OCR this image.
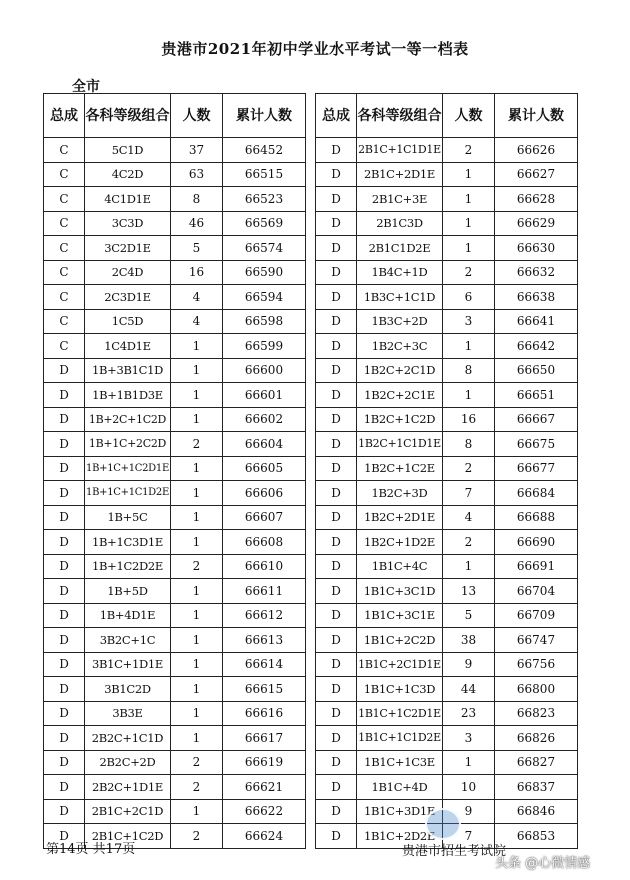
贵港市2021年初中学业水平考试一等一档表
全市
总成	各科等级组合	人数	累计人数
C	5C1D	37	66452
C	4C2D	63	66515
C	4C1D1E	8	66523
C	3C3D	46	66569
C	3C2D1E	5	66574
C	2C4D	16	66590
C	2C3D1E	4	66594
C	1C5D	4	66598
C	1C4D1E	1	66599
D	1B+3B1C1D	1	66600
D	1B+1B1D3E	1	66601
D	1B+2C+1C2D	1	66602
D	1B+1C+2C2D	2	66604
D	1B+1C+1C2D1E	1	66605
D	1B+1C+1C1D2E	1	66606
D	1B+5C	1	66607
D	1B+1C3D1E	1	66608
D	1B+1C2D2E	2	66610
D	1B+5D	1	66611
D	1B+4D1E	1	66612
D	3B2C+1C	1	66613
D	3B1C+1D1E	1	66614
D	3B1C2D	1	66615
D	3B3E	1	66616
D	2B2C+1C1D	1	66617
D	2B2C+2D	2	66619
D	2B2C+1D1E	2	66621
D	2B1C+2C1D	1	66622
D	2B1C+1C2D	2	66624
总成	各科等级组合	人数	累计人数
D	2B1C+1C1D1E	2	66626
D	2B1C+2D1E	1	66627
D	2B1C+3E	1	66628
D	2B1C3D	1	66629
D	2B1C1D2E	1	66630
D	1B4C+1D	2	66632
D	1B3C+1C1D	6	66638
D	1B3C+2D	3	66641
D	1B2C+3C	1	66642
D	1B2C+2C1D	8	66650
D	1B2C+2C1E	1	66651
D	1B2C+1C2D	16	66667
D	1B2C+1C1D1E	8	66675
D	1B2C+1C2E	2	66677
D	1B2C+3D	7	66684
D	1B2C+2D1E	4	66688
D	1B2C+1D2E	2	66690
D	1B1C+4C	1	66691
D	1B1C+3C1D	13	66704
D	1B1C+3C1E	5	66709
D	1B1C+2C2D	38	66747
D	1B1C+2C1D1E	9	66756
D	1B1C+1C3D	44	66800
D	1B1C+1C2D1E	23	66823
D	1B1C+1C1D2E	3	66826
D	1B1C+1C3E	1	66827
D	1B1C+4D	10	66837
D	1B1C+3D1E	9	66846
D	1B1C+2D2E	7	66853
第14页 共17页	贵港市招生考试院
头条 @心微情感
